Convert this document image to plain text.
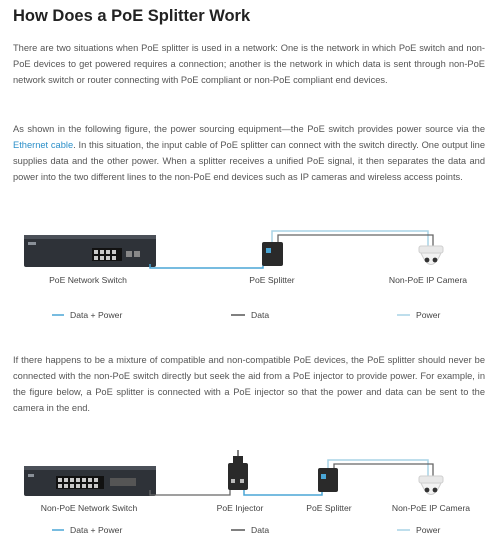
How Does a PoE Splitter Work

There are two situations when PoE splitter is used in a network: One is the network in which PoE switch and non-PoE devices to get powered requires a connection; another is the network in which data is sent through non-PoE network switch or router connecting with PoE compliant or non-PoE compliant end devices.

As shown in the following figure, the power sourcing equipment—the PoE switch provides power source via the Ethernet cable. In this situation, the input cable of PoE splitter can connect with the switch directly. One output line supplies data and the other power. When a splitter receives a unified PoE signal, it then separates the data and power into the two different lines to the non-PoE end devices such as IP cameras and wireless access points.

PoE Network Switch	PoE Splitter	Non-PoE IP Camera
Data + Power	Data	Power

If there happens to be a mixture of compatible and non-compatible PoE devices, the PoE splitter should never be connected with the non-PoE switch directly but seek the aid from a PoE injector to provide power. For example, in the figure below, a PoE splitter is connected with a PoE injector so that the power and data can be sent to the camera in the end.

Non-PoE Network Switch	PoE Injector	PoE Splitter	Non-PoE IP Camera
Data + Power	Data	Power
